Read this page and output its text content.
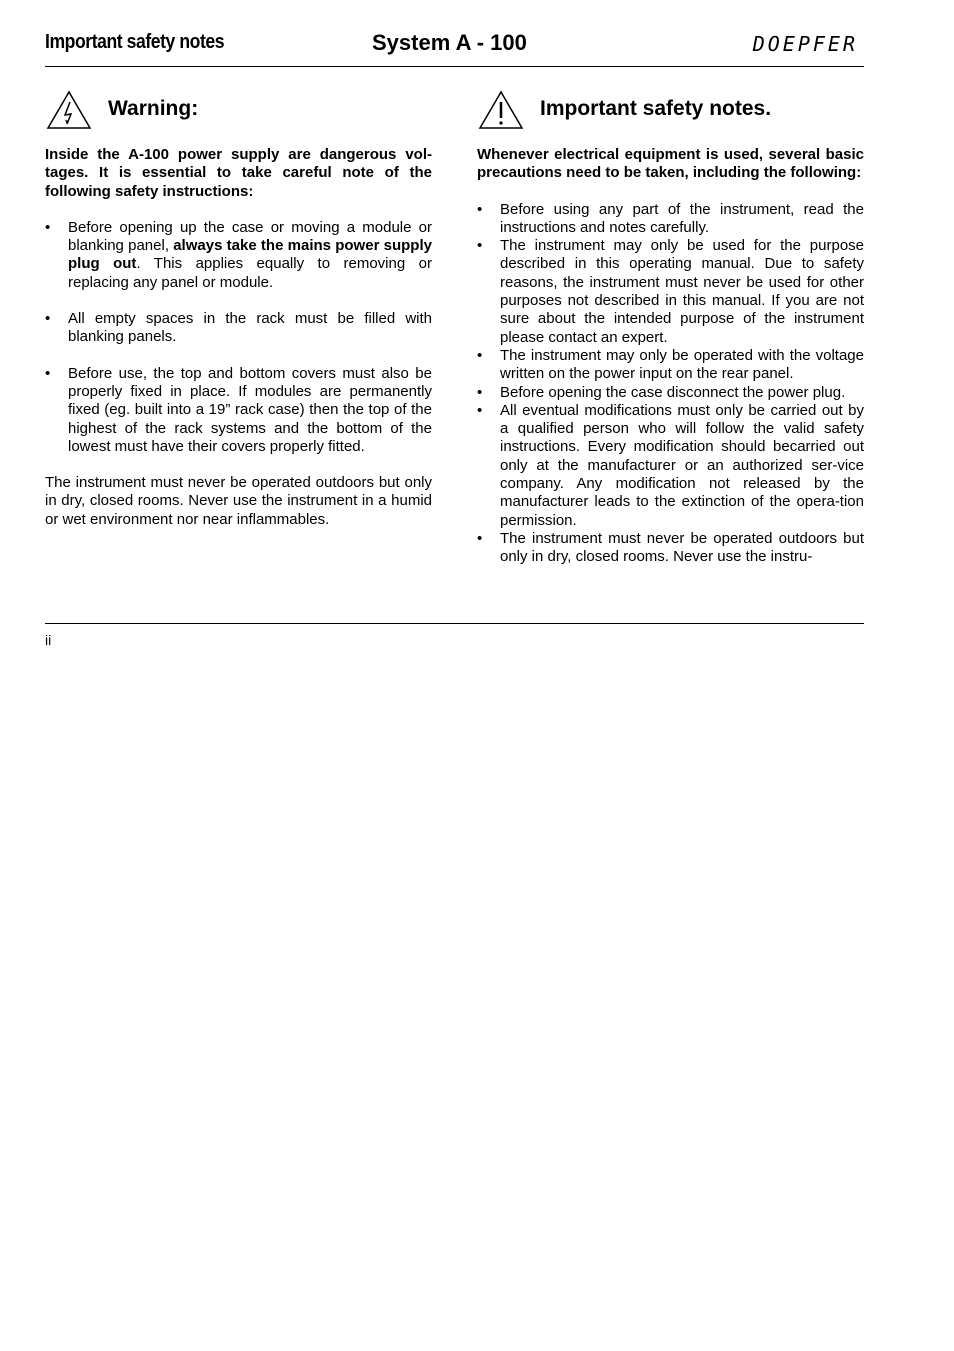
Important safety notes	System A - 100	DOEPFER
Warning:

Inside the A-100 power supply are dangerous vol-tages. It is essential to take careful note of the following safety instructions:

• Before opening up the case or moving a module or blanking panel, always take the mains power supply plug out. This applies equally to removing or replacing any panel or module.
• All empty spaces in the rack must be filled with blanking panels.
• Before use, the top and bottom covers must also be properly fixed in place. If modules are permanently fixed (eg. built into a 19” rack case) then the top of the highest of the rack systems and the bottom of the lowest must have their covers properly fitted.

The instrument must never be operated outdoors but only in dry, closed rooms. Never use the instrument in a humid or wet environment nor near inflammables.

Important safety notes.

Whenever electrical equipment is used, several basic precautions need to be taken, including the following:

• Before using any part of the instrument, read the instructions and notes carefully.
• The instrument may only be used for the purpose described in this operating manual. Due to safety reasons, the instrument must never be used for other purposes not described in this manual. If you are not sure about the intended purpose of the instrument please contact an expert.
• The instrument may only be operated with the voltage written on the power input on the rear panel.
• Before opening the case disconnect the power plug.
• All eventual modifications must only be carried out by a qualified person who will follow the valid safety instructions. Every modification should becarried out only at the manufacturer or an authorized ser-vice company. Any modification not released by the manufacturer leads to the extinction of the opera-tion permission.
• The instrument must never be operated outdoors but only in dry, closed rooms. Never use the instru-
ii
